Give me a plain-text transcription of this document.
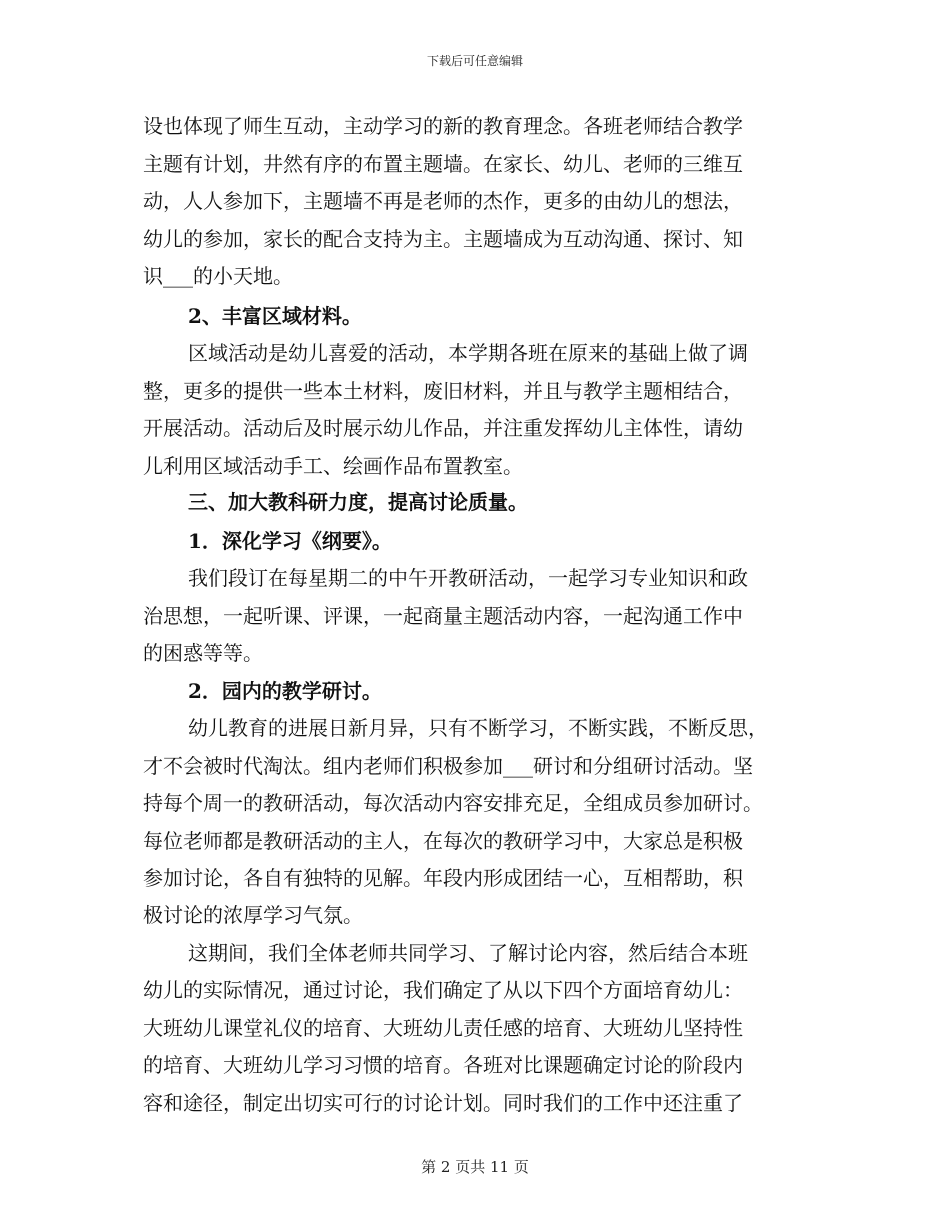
下载后可任意编辑
设也体现了师生互动，主动学习的新的教育理念。各班老师结合教学
主题有计划，井然有序的布置主题墙。在家长、幼儿、老师的三维互
动，人人参加下，主题墙不再是老师的杰作，更多的由幼儿的想法，
幼儿的参加，家长的配合支持为主。主题墙成为互动沟通、探讨、知
识___的小天地。
2、丰富区域材料。
区域活动是幼儿喜爱的活动，本学期各班在原来的基础上做了调
整，更多的提供一些本土材料，废旧材料，并且与教学主题相结合，
开展活动。活动后及时展示幼儿作品，并注重发挥幼儿主体性，请幼
儿利用区域活动手工、绘画作品布置教室。
三、加大教科研力度，提高讨论质量。
1．深化学习《纲要》。
我们段订在每星期二的中午开教研活动，一起学习专业知识和政
治思想，一起听课、评课，一起商量主题活动内容，一起沟通工作中
的困惑等等。
2．园内的教学研讨。
幼儿教育的进展日新月异，只有不断学习，不断实践，不断反思，
才不会被时代淘汰。组内老师们积极参加___研讨和分组研讨活动。坚
持每个周一的教研活动，每次活动内容安排充足，全组成员参加研讨。
每位老师都是教研活动的主人，在每次的教研学习中，大家总是积极
参加讨论，各自有独特的见解。年段内形成团结一心，互相帮助，积
极讨论的浓厚学习气氛。
这期间，我们全体老师共同学习、了解讨论内容，然后结合本班
幼儿的实际情况，通过讨论，我们确定了从以下四个方面培育幼儿：
大班幼儿课堂礼仪的培育、大班幼儿责任感的培育、大班幼儿坚持性
的培育、大班幼儿学习习惯的培育。各班对比课题确定讨论的阶段内
容和途径，制定出切实可行的讨论计划。同时我们的工作中还注重了
第 2 页共 11 页
